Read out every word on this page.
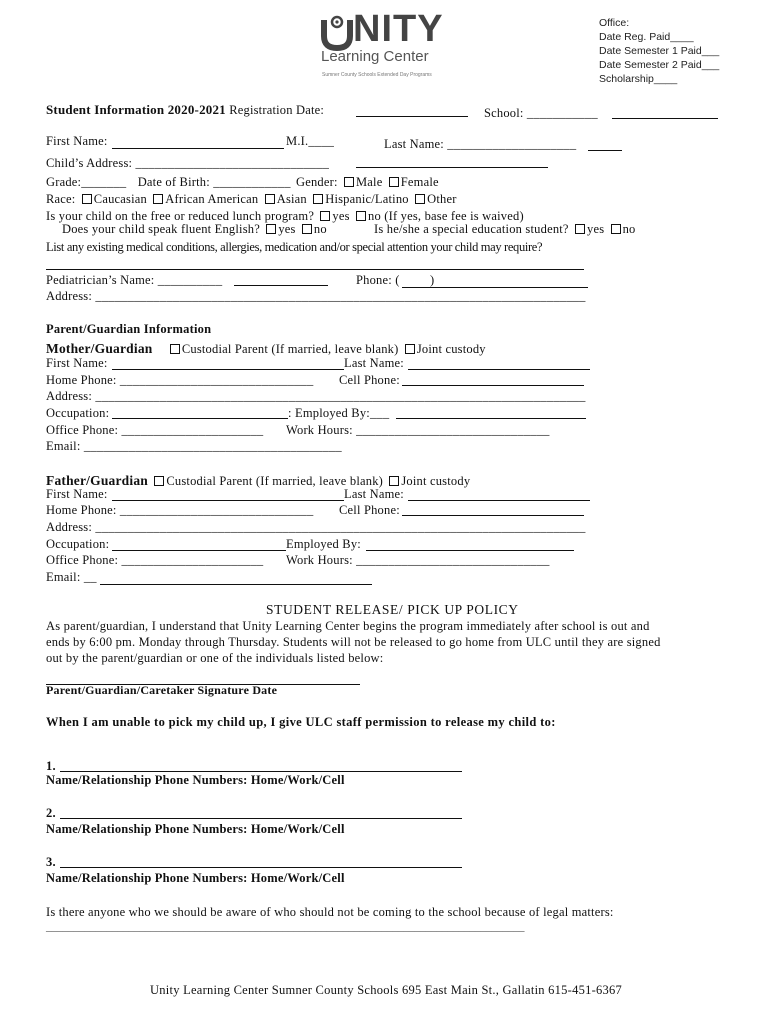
NITY
Learning Center
Sumner County Schools Extended Day Programs
Office:
Date Reg. Paid____
Date Semester 1 Paid___
Date Semester 2 Paid___
Scholarship____
Student Information 2020-2021 Registration Date:	School: ___________
First Name:	M.I.____	Last Name: ____________________
Child’s Address: ______________________________
Grade:_______ Date of Birth: ____________ Gender: Male Female
Race: Caucasian African American Asian Hispanic/Latino Other
Is your child on the free or reduced lunch program? yes no (If yes, base fee is waived)
Does your child speak fluent English? yes no	Is he/she a special education student? yes no
List any existing medical conditions, allergies, medication and/or special attention your child may require?
Pediatrician’s Name: __________	Phone: ( )
Address: ____________________________________________________________________________
Parent/Guardian Information
Mother/Guardian Custodial Parent (If married, leave blank) Joint custody
First Name:	Last Name:
Home Phone: ______________________________ Cell Phone:
Address: ____________________________________________________________________________
Occupation:	: Employed By:___
Office Phone: ______________________ Work Hours: ______________________________
Email: ________________________________________
Father/Guardian Custodial Parent (If married, leave blank) Joint custody
First Name:	Last Name:
Home Phone: ______________________________ Cell Phone:
Address: ____________________________________________________________________________
Occupation:	Employed By:
Office Phone: ______________________ Work Hours: ______________________________
Email: __
STUDENT RELEASE/ PICK UP POLICY
As parent/guardian, I understand that Unity Learning Center begins the program immediately after school is out and
ends by 6:00 pm. Monday through Thursday. Students will not be released to go home from ULC until they are signed
out by the parent/guardian or one of the individuals listed below:
Parent/Guardian/Caretaker Signature Date
When I am unable to pick my child up, I give ULC staff permission to release my child to:
1.
Name/Relationship Phone Numbers: Home/Work/Cell
2.
Name/Relationship Phone Numbers: Home/Work/Cell
3.
Name/Relationship Phone Numbers: Home/Work/Cell
Is there anyone who we should be aware of who should not be coming to the school because of legal matters:
_______________________________________________________________________________________
Unity Learning Center Sumner County Schools 695 East Main St., Gallatin 615-451-6367
